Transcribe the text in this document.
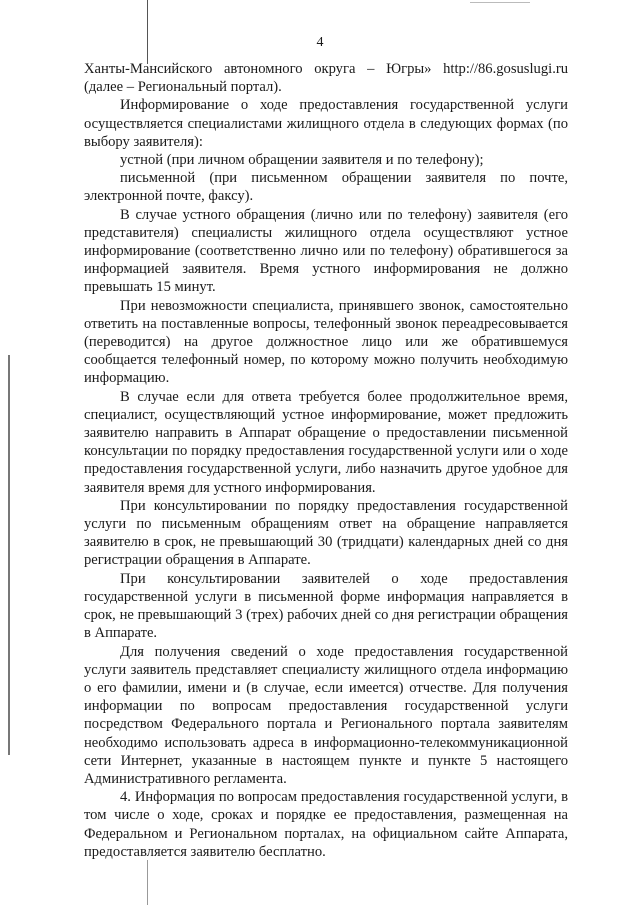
4

Ханты-Мансийского автономного округа – Югры» http://86.gosuslugi.ru (далее – Региональный портал).

Информирование о ходе предоставления государственной услуги осуществляется специалистами жилищного отдела в следующих формах (по выбору заявителя):

устной (при личном обращении заявителя и по телефону);

письменной (при письменном обращении заявителя по почте, электронной почте, факсу).

В случае устного обращения (лично или по телефону) заявителя (его представителя) специалисты жилищного отдела осуществляют устное информирование (соответственно лично или по телефону) обратившегося за информацией заявителя. Время устного информирования не должно превышать 15 минут.

При невозможности специалиста, принявшего звонок, самостоятельно ответить на поставленные вопросы, телефонный звонок переадресовывается (переводится) на другое должностное лицо или же обратившемуся сообщается телефонный номер, по которому можно получить необходимую информацию.

В случае если для ответа требуется более продолжительное время, специалист, осуществляющий устное информирование, может предложить заявителю направить в Аппарат обращение о предоставлении письменной консультации по порядку предоставления государственной услуги или о ходе предоставления государственной услуги, либо назначить другое удобное для заявителя время для устного информирования.

При консультировании по порядку предоставления государственной услуги по письменным обращениям ответ на обращение направляется заявителю в срок, не превышающий 30 (тридцати) календарных дней со дня регистрации обращения в Аппарате.

При консультировании заявителей о ходе предоставления государственной услуги в письменной форме информация направляется в срок, не превышающий 3 (трех) рабочих дней со дня регистрации обращения в Аппарате.

Для получения сведений о ходе предоставления государственной услуги заявитель представляет специалисту жилищного отдела информацию о его фамилии, имени и (в случае, если имеется) отчестве. Для получения информации по вопросам предоставления государственной услуги посредством Федерального портала и Регионального портала заявителям необходимо использовать адреса в информационно-телекоммуникационной сети Интернет, указанные в настоящем пункте и пункте 5 настоящего Административного регламента.

4. Информация по вопросам предоставления государственной услуги, в том числе о ходе, сроках и порядке ее предоставления, размещенная на Федеральном и Региональном порталах, на официальном сайте Аппарата, предоставляется заявителю бесплатно.
